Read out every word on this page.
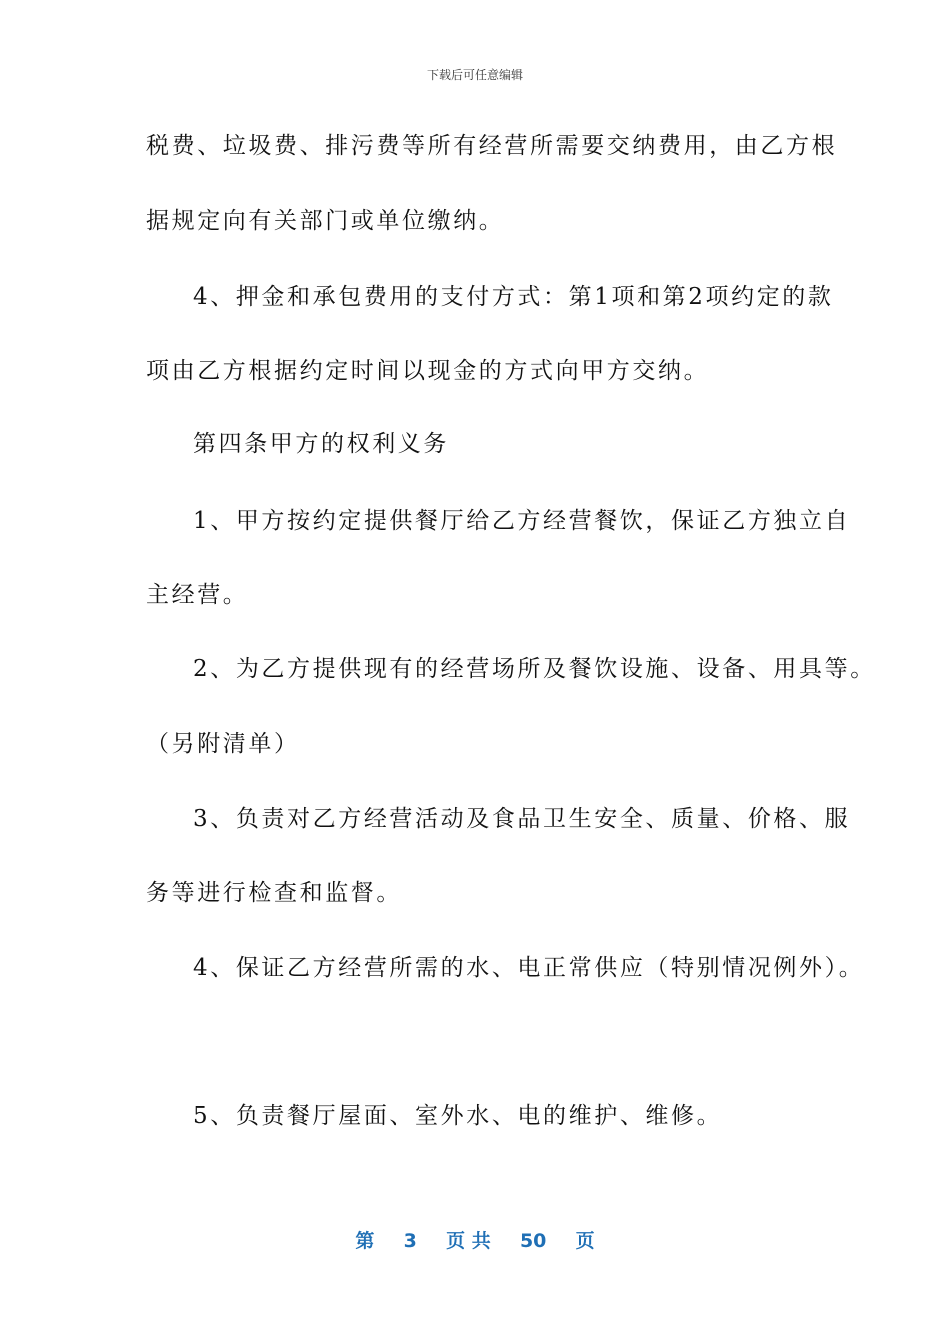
下载后可任意编辑
税费、垃圾费、排污费等所有经营所需要交纳费用，由乙方根
据规定向有关部门或单位缴纳。
4、押金和承包费用的支付方式：第1项和第2项约定的款
项由乙方根据约定时间以现金的方式向甲方交纳。
第四条甲方的权利义务
1、甲方按约定提供餐厅给乙方经营餐饮，保证乙方独立自
主经营。
2、为乙方提供现有的经营场所及餐饮设施、设备、用具等。
（另附清单）
3、负责对乙方经营活动及食品卫生安全、质量、价格、服
务等进行检查和监督。
4、保证乙方经营所需的水、电正常供应（特别情况例外）。
5、负责餐厅屋面、室外水、电的维护、维修。
第 3 页 共 50 页
